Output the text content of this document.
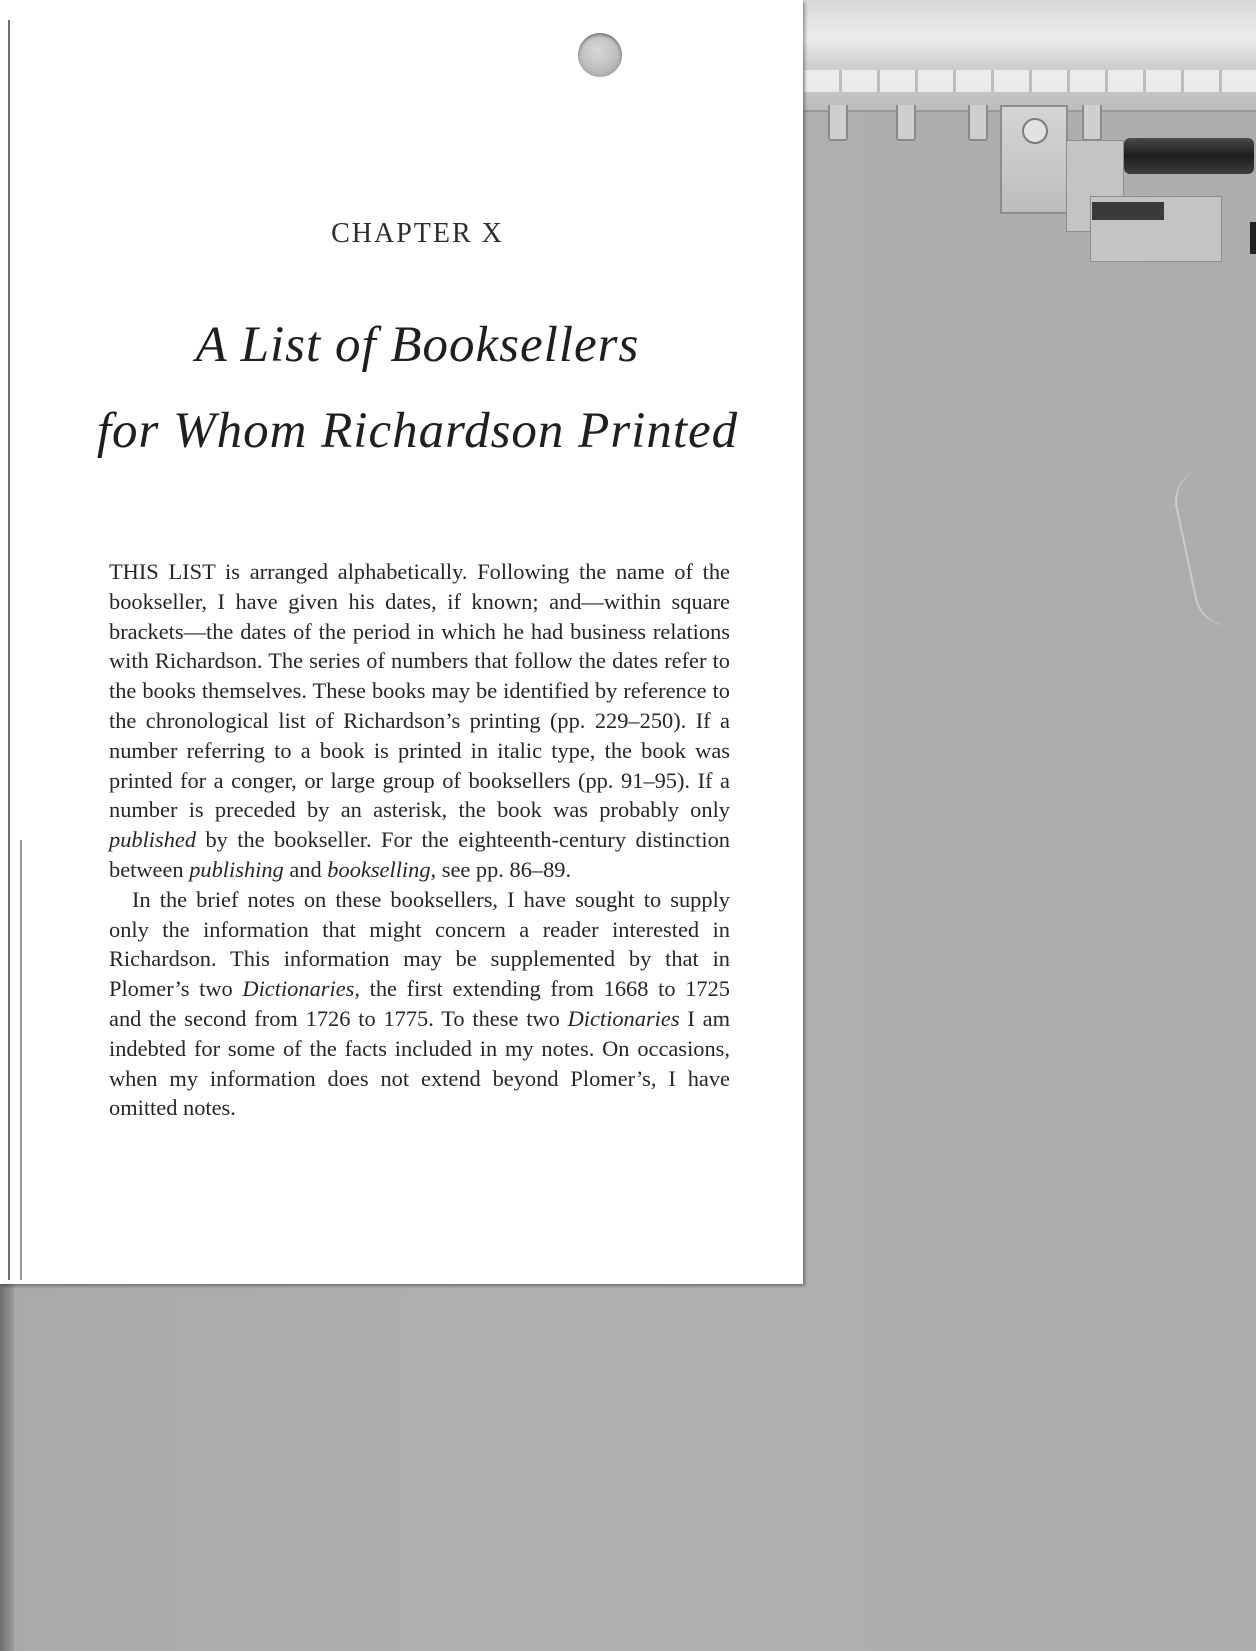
CHAPTER X
A List of Booksellers
for Whom Richardson Printed

THIS LIST is arranged alphabetically. Following the name of the bookseller, I have given his dates, if known; and—within square brackets—the dates of the period in which he had business relations with Richardson. The series of numbers that follow the dates refer to the books themselves. These books may be identified by reference to the chronological list of Richardson’s printing (pp. 229–250). If a number referring to a book is printed in italic type, the book was printed for a conger, or large group of booksellers (pp. 91–95). If a number is preceded by an asterisk, the book was probably only published by the bookseller. For the eighteenth-century distinction between publishing and bookselling, see pp. 86–89.

In the brief notes on these booksellers, I have sought to supply only the information that might concern a reader interested in Richardson. This information may be supplemented by that in Plomer’s two Dictionaries, the first extending from 1668 to 1725 and the second from 1726 to 1775. To these two Dictionaries I am indebted for some of the facts included in my notes. On occasions, when my information does not extend beyond Plomer’s, I have omitted notes.
